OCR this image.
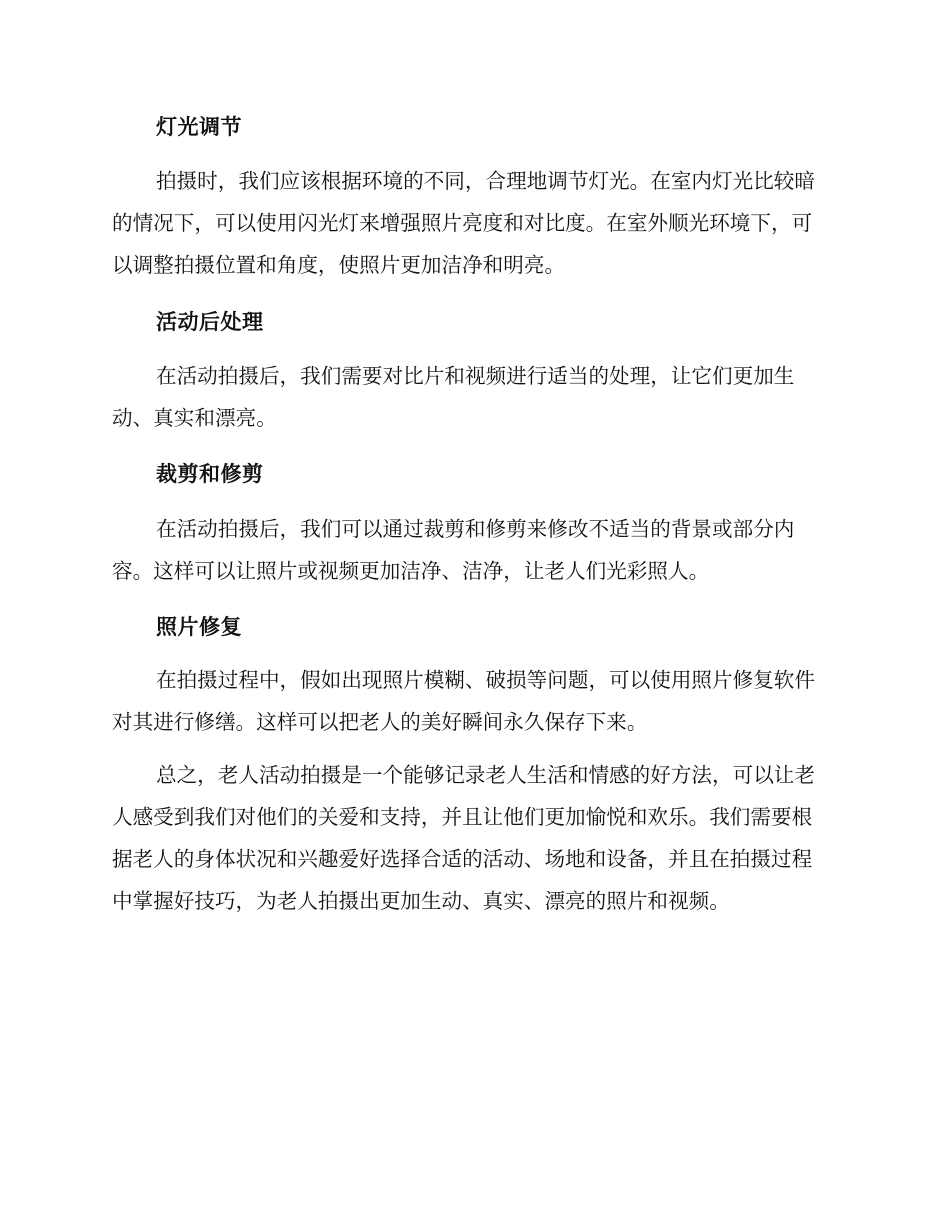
灯光调节

拍摄时，我们应该根据环境的不同，合理地调节灯光。在室内灯光比较暗的情况下，可以使用闪光灯来增强照片亮度和对比度。在室外顺光环境下，可以调整拍摄位置和角度，使照片更加洁净和明亮。

活动后处理

在活动拍摄后，我们需要对比片和视频进行适当的处理，让它们更加生动、真实和漂亮。

裁剪和修剪

在活动拍摄后，我们可以通过裁剪和修剪来修改不适当的背景或部分内容。这样可以让照片或视频更加洁净、洁净，让老人们光彩照人。

照片修复

在拍摄过程中，假如出现照片模糊、破损等问题，可以使用照片修复软件对其进行修缮。这样可以把老人的美好瞬间永久保存下来。

总之，老人活动拍摄是一个能够记录老人生活和情感的好方法，可以让老人感受到我们对他们的关爱和支持，并且让他们更加愉悦和欢乐。我们需要根据老人的身体状况和兴趣爱好选择合适的活动、场地和设备，并且在拍摄过程中掌握好技巧，为老人拍摄出更加生动、真实、漂亮的照片和视频。
